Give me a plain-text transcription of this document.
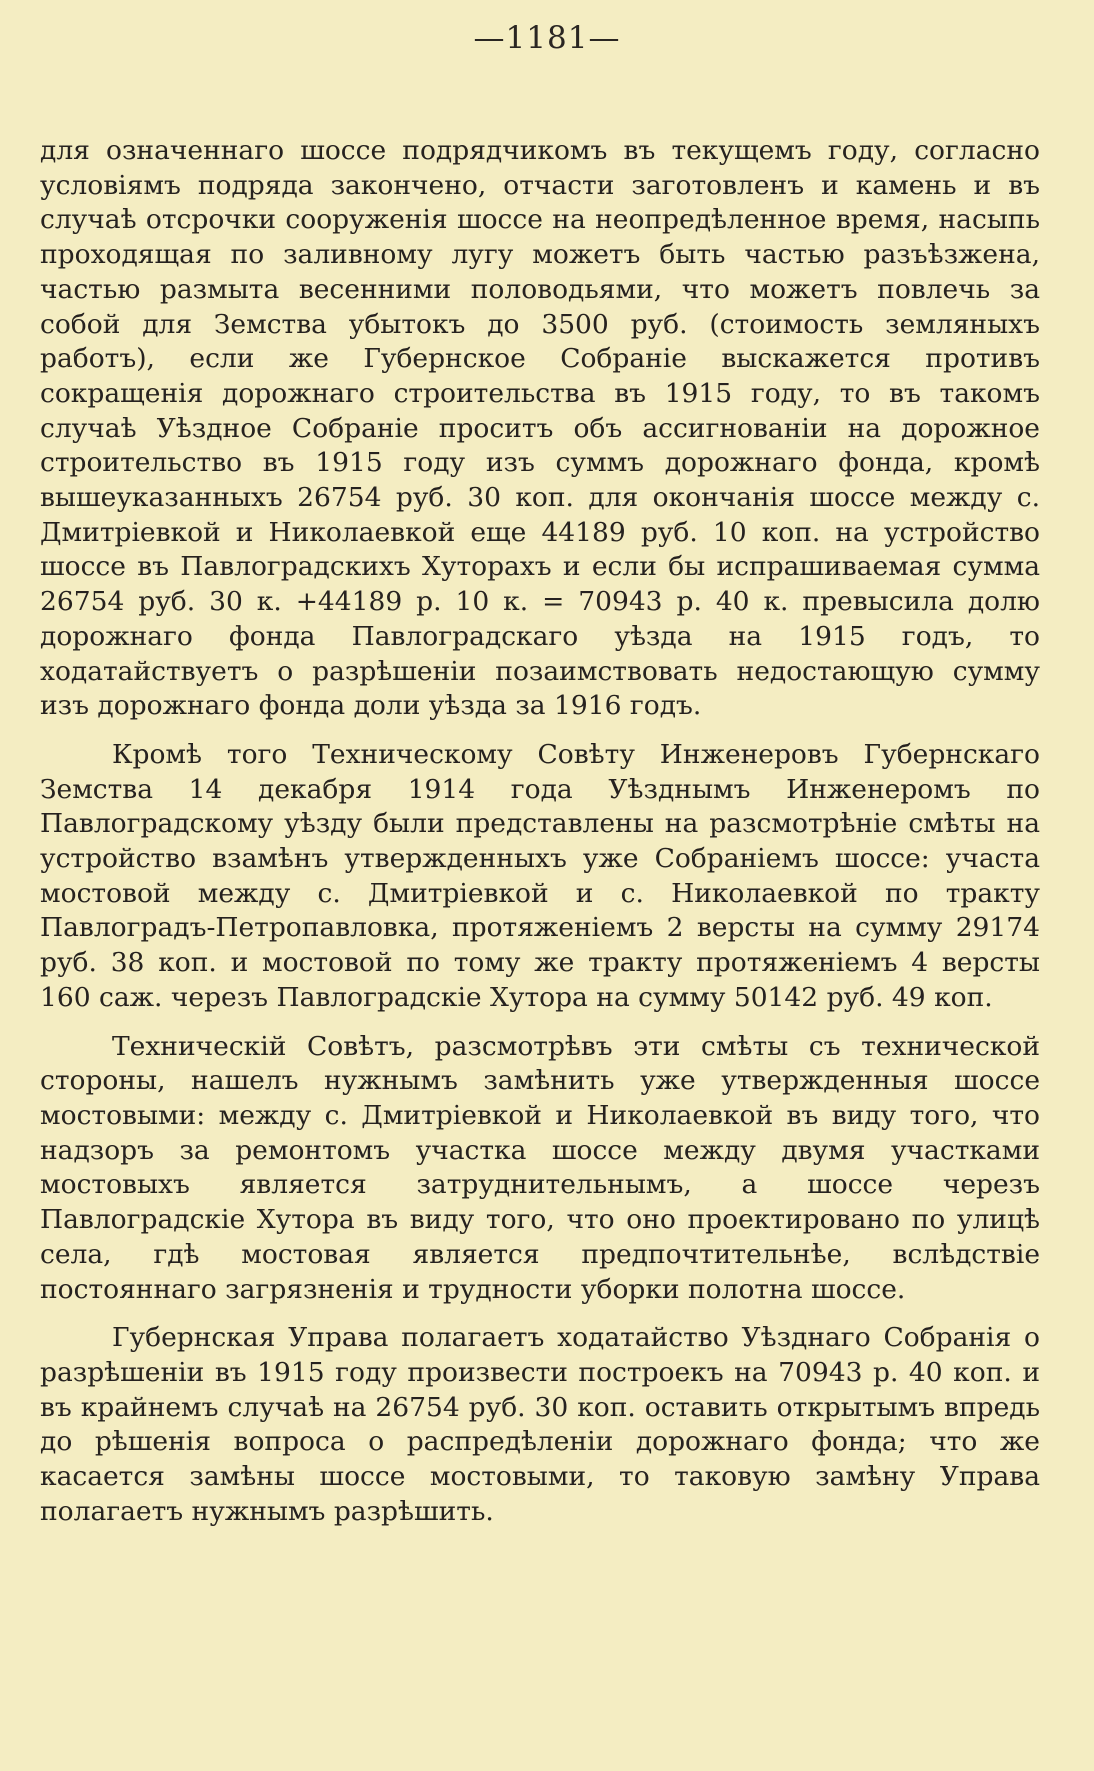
—1181—

для означеннаго шоссе подрядчикомъ въ текущемъ году, согласно условіямъ подряда закончено, отчасти заготовленъ и камень и въ случаѣ отсрочки сооруженія шоссе на неопредѣленное время, насыпь проходящая по заливному лугу можетъ быть частью разъѣзжена, частью размыта весенними половодьями, что можетъ повлечь за собой для Земства убытокъ до 3500 руб. (стоимость земляныхъ работъ), если же Губернское Собраніе выскажется противъ сокращенія дорожнаго строительства въ 1915 году, то въ такомъ случаѣ Уѣздное Собраніе проситъ объ ассигнованіи на дорожное строительство въ 1915 году изъ суммъ дорожнаго фонда, кромѣ вышеуказанныхъ 26754 руб. 30 коп. для окончанія шоссе между с. Дмитріевкой и Николаевкой еще 44189 руб. 10 коп. на устройство шоссе въ Павлоградскихъ Хуторахъ и если бы испрашиваемая сумма 26754 руб. 30 к. +44189 р. 10 к. = 70943 р. 40 к. превысила долю дорожнаго фонда Павлоградскаго уѣзда на 1915 годъ, то ходатайствуетъ о разрѣшеніи позаимствовать недостающую сумму изъ дорожнаго фонда доли уѣзда за 1916 годъ.

Кромѣ того Техническому Совѣту Инженеровъ Губернскаго Земства 14 декабря 1914 года Уѣзднымъ Инженеромъ по Павлоградскому уѣзду были представлены на разсмотрѣніе смѣты на устройство взамѣнъ утвержденныхъ уже Собраніемъ шоссе: участа мостовой между с. Дмитріевкой и с. Николаевкой по тракту Павлоградъ-Петропавловка, протяженіемъ 2 версты на сумму 29174 руб. 38 коп. и мостовой по тому же тракту протяженіемъ 4 версты 160 саж. черезъ Павлоградскіе Хутора на сумму 50142 руб. 49 коп.

Техническій Совѣтъ, разсмотрѣвъ эти смѣты съ технической стороны, нашелъ нужнымъ замѣнить уже утвержденныя шоссе мостовыми: между с. Дмитріевкой и Николаевкой въ виду того, что надзоръ за ремонтомъ участка шоссе между двумя участками мостовыхъ является затруднительнымъ, а шоссе черезъ Павлоградскіе Хутора въ виду того, что оно проектировано по улицѣ села, гдѣ мостовая является предпочтительнѣе, вслѣдствіе постояннаго загрязненія и трудности уборки полотна шоссе.

Губернская Управа полагаетъ ходатайство Уѣзднаго Собранія о разрѣшеніи въ 1915 году произвести построекъ на 70943 р. 40 коп. и въ крайнемъ случаѣ на 26754 руб. 30 коп. оставить открытымъ впредь до рѣшенія вопроса о распредѣленіи дорожнаго фонда; что же касается замѣны шоссе мостовыми, то таковую замѣну Управа полагаетъ нужнымъ разрѣшить.
